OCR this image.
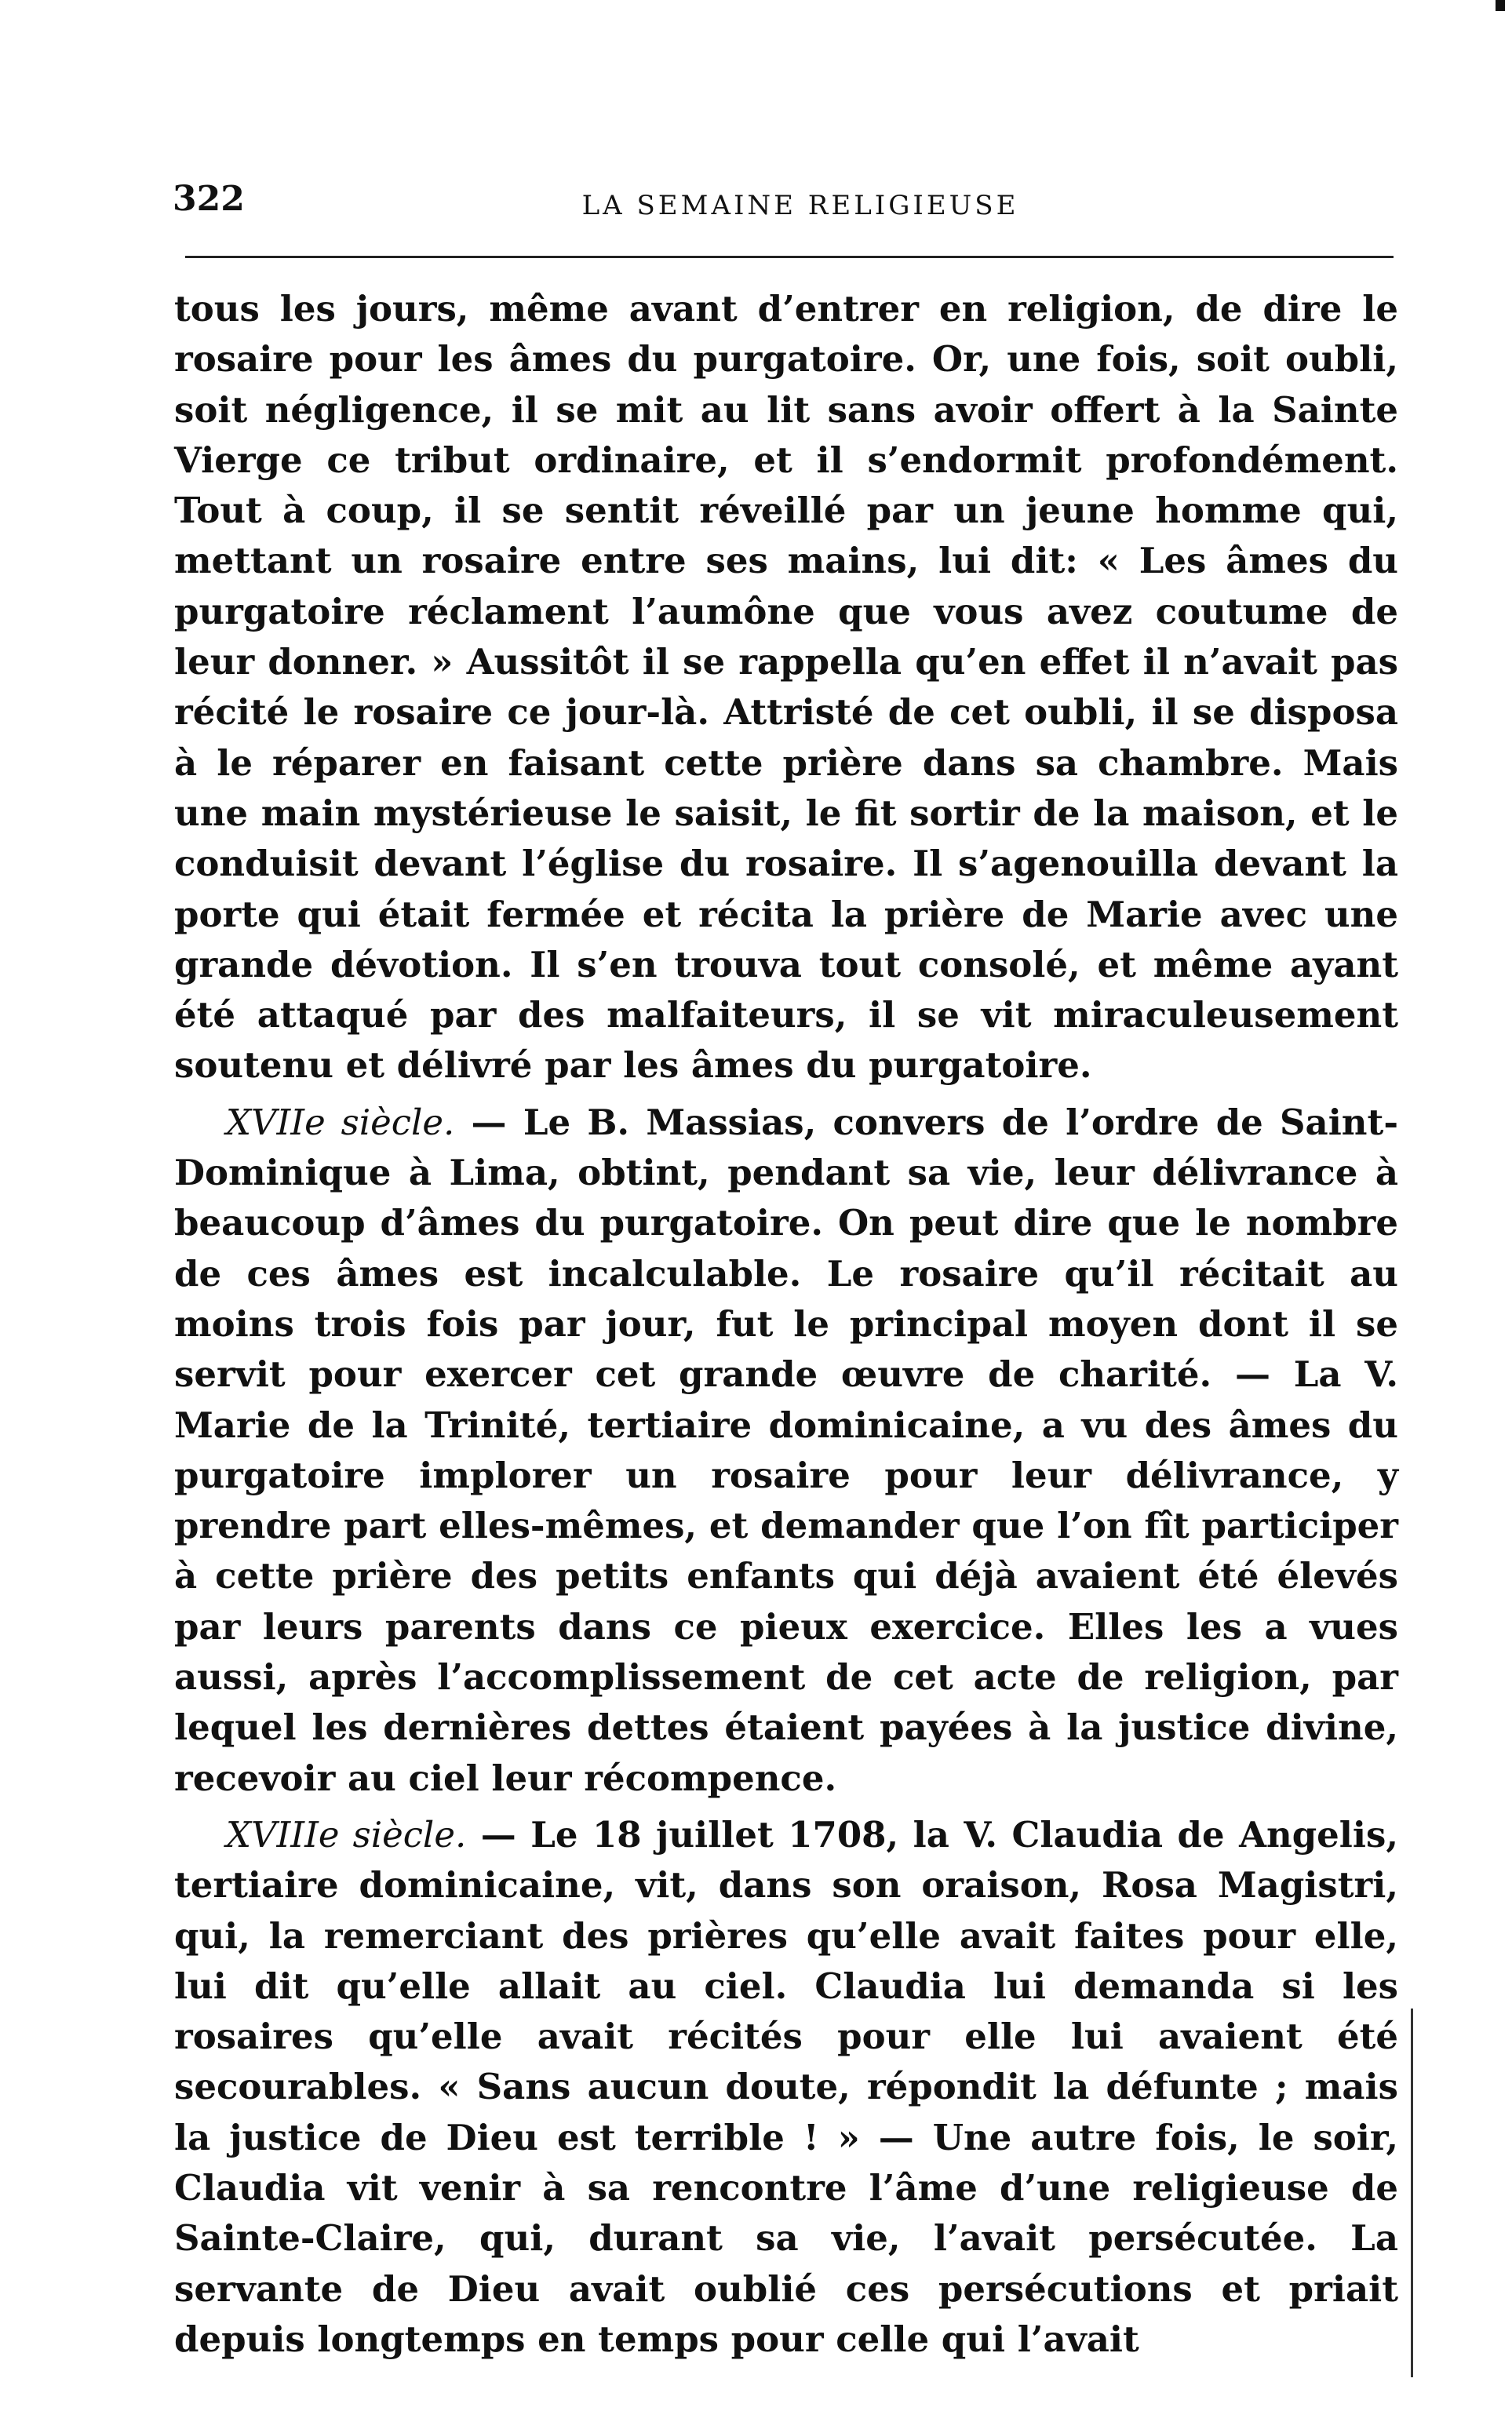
322	LA SEMAINE RELIGIEUSE

tous les jours, même avant d’entrer en religion, de dire le rosaire pour les âmes du purgatoire. Or, une fois, soit oubli, soit négligence, il se mit au lit sans avoir offert à la Sainte Vierge ce tribut ordinaire, et il s’endormit profondément. Tout à coup, il se sentit réveillé par un jeune homme qui, mettant un rosaire entre ses mains, lui dit: « Les âmes du purgatoire réclament l’aumône que vous avez coutume de leur donner. » Aussitôt il se rappella qu’en effet il n’avait pas récité le rosaire ce jour-là. Attristé de cet oubli, il se disposa à le réparer en faisant cette prière dans sa chambre. Mais une main mystérieuse le saisit, le fit sortir de la maison, et le conduisit devant l’église du rosaire. Il s’agenouilla devant la porte qui était fermée et récita la prière de Marie avec une grande dévotion. Il s’en trouva tout consolé, et même ayant été attaqué par des malfaiteurs, il se vit miraculeusement soutenu et délivré par les âmes du purgatoire.

XVIIe siècle. — Le B. Massias, convers de l’ordre de Saint-Dominique à Lima, obtint, pendant sa vie, leur délivrance à beaucoup d’âmes du purgatoire. On peut dire que le nombre de ces âmes est incalculable. Le rosaire qu’il récitait au moins trois fois par jour, fut le principal moyen dont il se servit pour exercer cet grande œuvre de charité. — La V. Marie de la Trinité, tertiaire dominicaine, a vu des âmes du purgatoire implorer un rosaire pour leur délivrance, y prendre part elles-mêmes, et demander que l’on fît participer à cette prière des petits enfants qui déjà avaient été élevés par leurs parents dans ce pieux exercice. Elles les a vues aussi, après l’accomplissement de cet acte de religion, par lequel les dernières dettes étaient payées à la justice divine, recevoir au ciel leur récompence.

XVIIIe siècle. — Le 18 juillet 1708, la V. Claudia de Angelis, tertiaire dominicaine, vit, dans son oraison, Rosa Magistri, qui, la remerciant des prières qu’elle avait faites pour elle, lui dit qu’elle allait au ciel. Claudia lui demanda si les rosaires qu’elle avait récités pour elle lui avaient été secourables. « Sans aucun doute, répondit la défunte ; mais la justice de Dieu est terrible ! » — Une autre fois, le soir, Claudia vit venir à sa rencontre l’âme d’une religieuse de Sainte-Claire, qui, durant sa vie, l’avait persécutée. La servante de Dieu avait oublié ces persécutions et priait depuis longtemps en temps pour celle qui l’avait
